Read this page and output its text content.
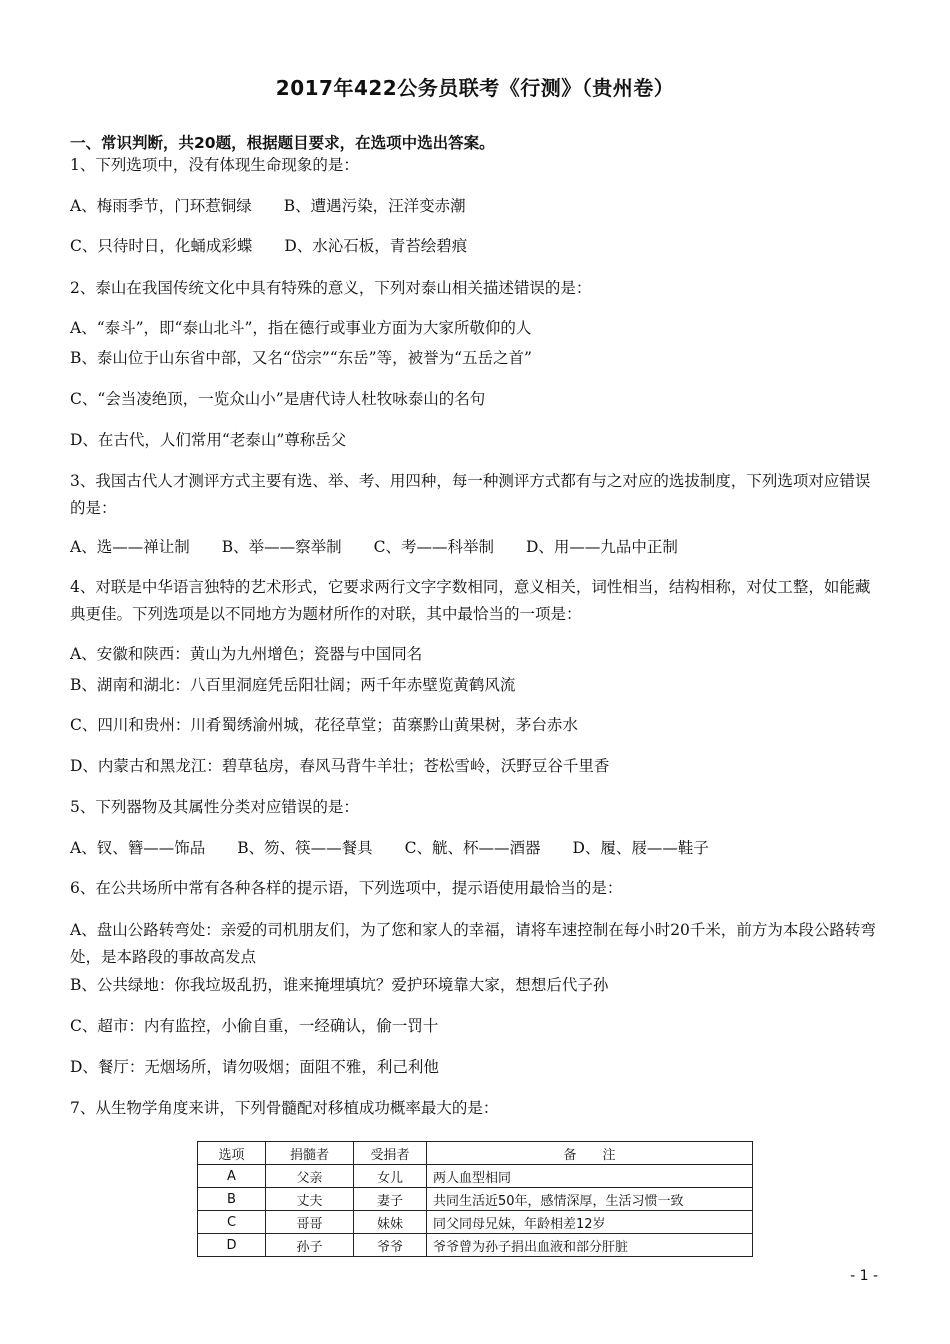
2017年422公务员联考《行测》（贵州卷）
一、常识判断，共20题，根据题目要求，在选项中选出答案。
1、下列选项中，没有体现生命现象的是：
A、梅雨季节，门环惹铜绿 B、遭遇污染，汪洋变赤潮
C、只待时日，化蛹成彩蝶 D、水沁石板，青苔绘碧痕
2、泰山在我国传统文化中具有特殊的意义，下列对泰山相关描述错误的是：
A、“泰斗”，即“泰山北斗”，指在德行或事业方面为大家所敬仰的人
B、泰山位于山东省中部，又名“岱宗”“东岳”等，被誉为“五岳之首”
C、“会当凌绝顶，一览众山小”是唐代诗人杜牧咏泰山的名句
D、在古代，人们常用“老泰山”尊称岳父
3、我国古代人才测评方式主要有选、举、考、用四种，每一种测评方式都有与之对应的选拔制度，下列选项对应错误的是：
A、选——禅让制 B、举——察举制 C、考——科举制 D、用——九品中正制
4、对联是中华语言独特的艺术形式，它要求两行文字字数相同，意义相关，词性相当，结构相称，对仗工整，如能藏典更佳。下列选项是以不同地方为题材所作的对联，其中最恰当的一项是：
A、安徽和陕西：黄山为九州增色；瓷器与中国同名
B、湖南和湖北：八百里洞庭凭岳阳壮阔；两千年赤壁览黄鹤风流
C、四川和贵州：川肴蜀绣渝州城，花径草堂；苗寨黔山黄果树，茅台赤水
D、内蒙古和黑龙江：碧草毡房，春风马背牛羊壮；苍松雪岭，沃野豆谷千里香
5、下列器物及其属性分类对应错误的是：
A、钗、簪——饰品 B、笏、筷——餐具 C、觥、杯——酒器 D、履、屐——鞋子
6、在公共场所中常有各种各样的提示语，下列选项中，提示语使用最恰当的是：
A、盘山公路转弯处：亲爱的司机朋友们，为了您和家人的幸福，请将车速控制在每小时20千米，前方为本段公路转弯处，是本路段的事故高发点
B、公共绿地：你我垃圾乱扔，谁来掩埋填坑？爱护环境靠大家，想想后代子孙
C、超市：内有监控，小偷自重，一经确认，偷一罚十
D、餐厅：无烟场所，请勿吸烟；面阻不雅，利己利他
7、从生物学角度来讲，下列骨髓配对移植成功概率最大的是：
选项	捐髓者	受捐者	备　　注
A	父亲	女儿	两人血型相同
B	丈夫	妻子	共同生活近50年，感情深厚，生活习惯一致
C	哥哥	妹妹	同父同母兄妹，年龄相差12岁
D	孙子	爷爷	爷爷曾为孙子捐出血液和部分肝脏
- 1 -
